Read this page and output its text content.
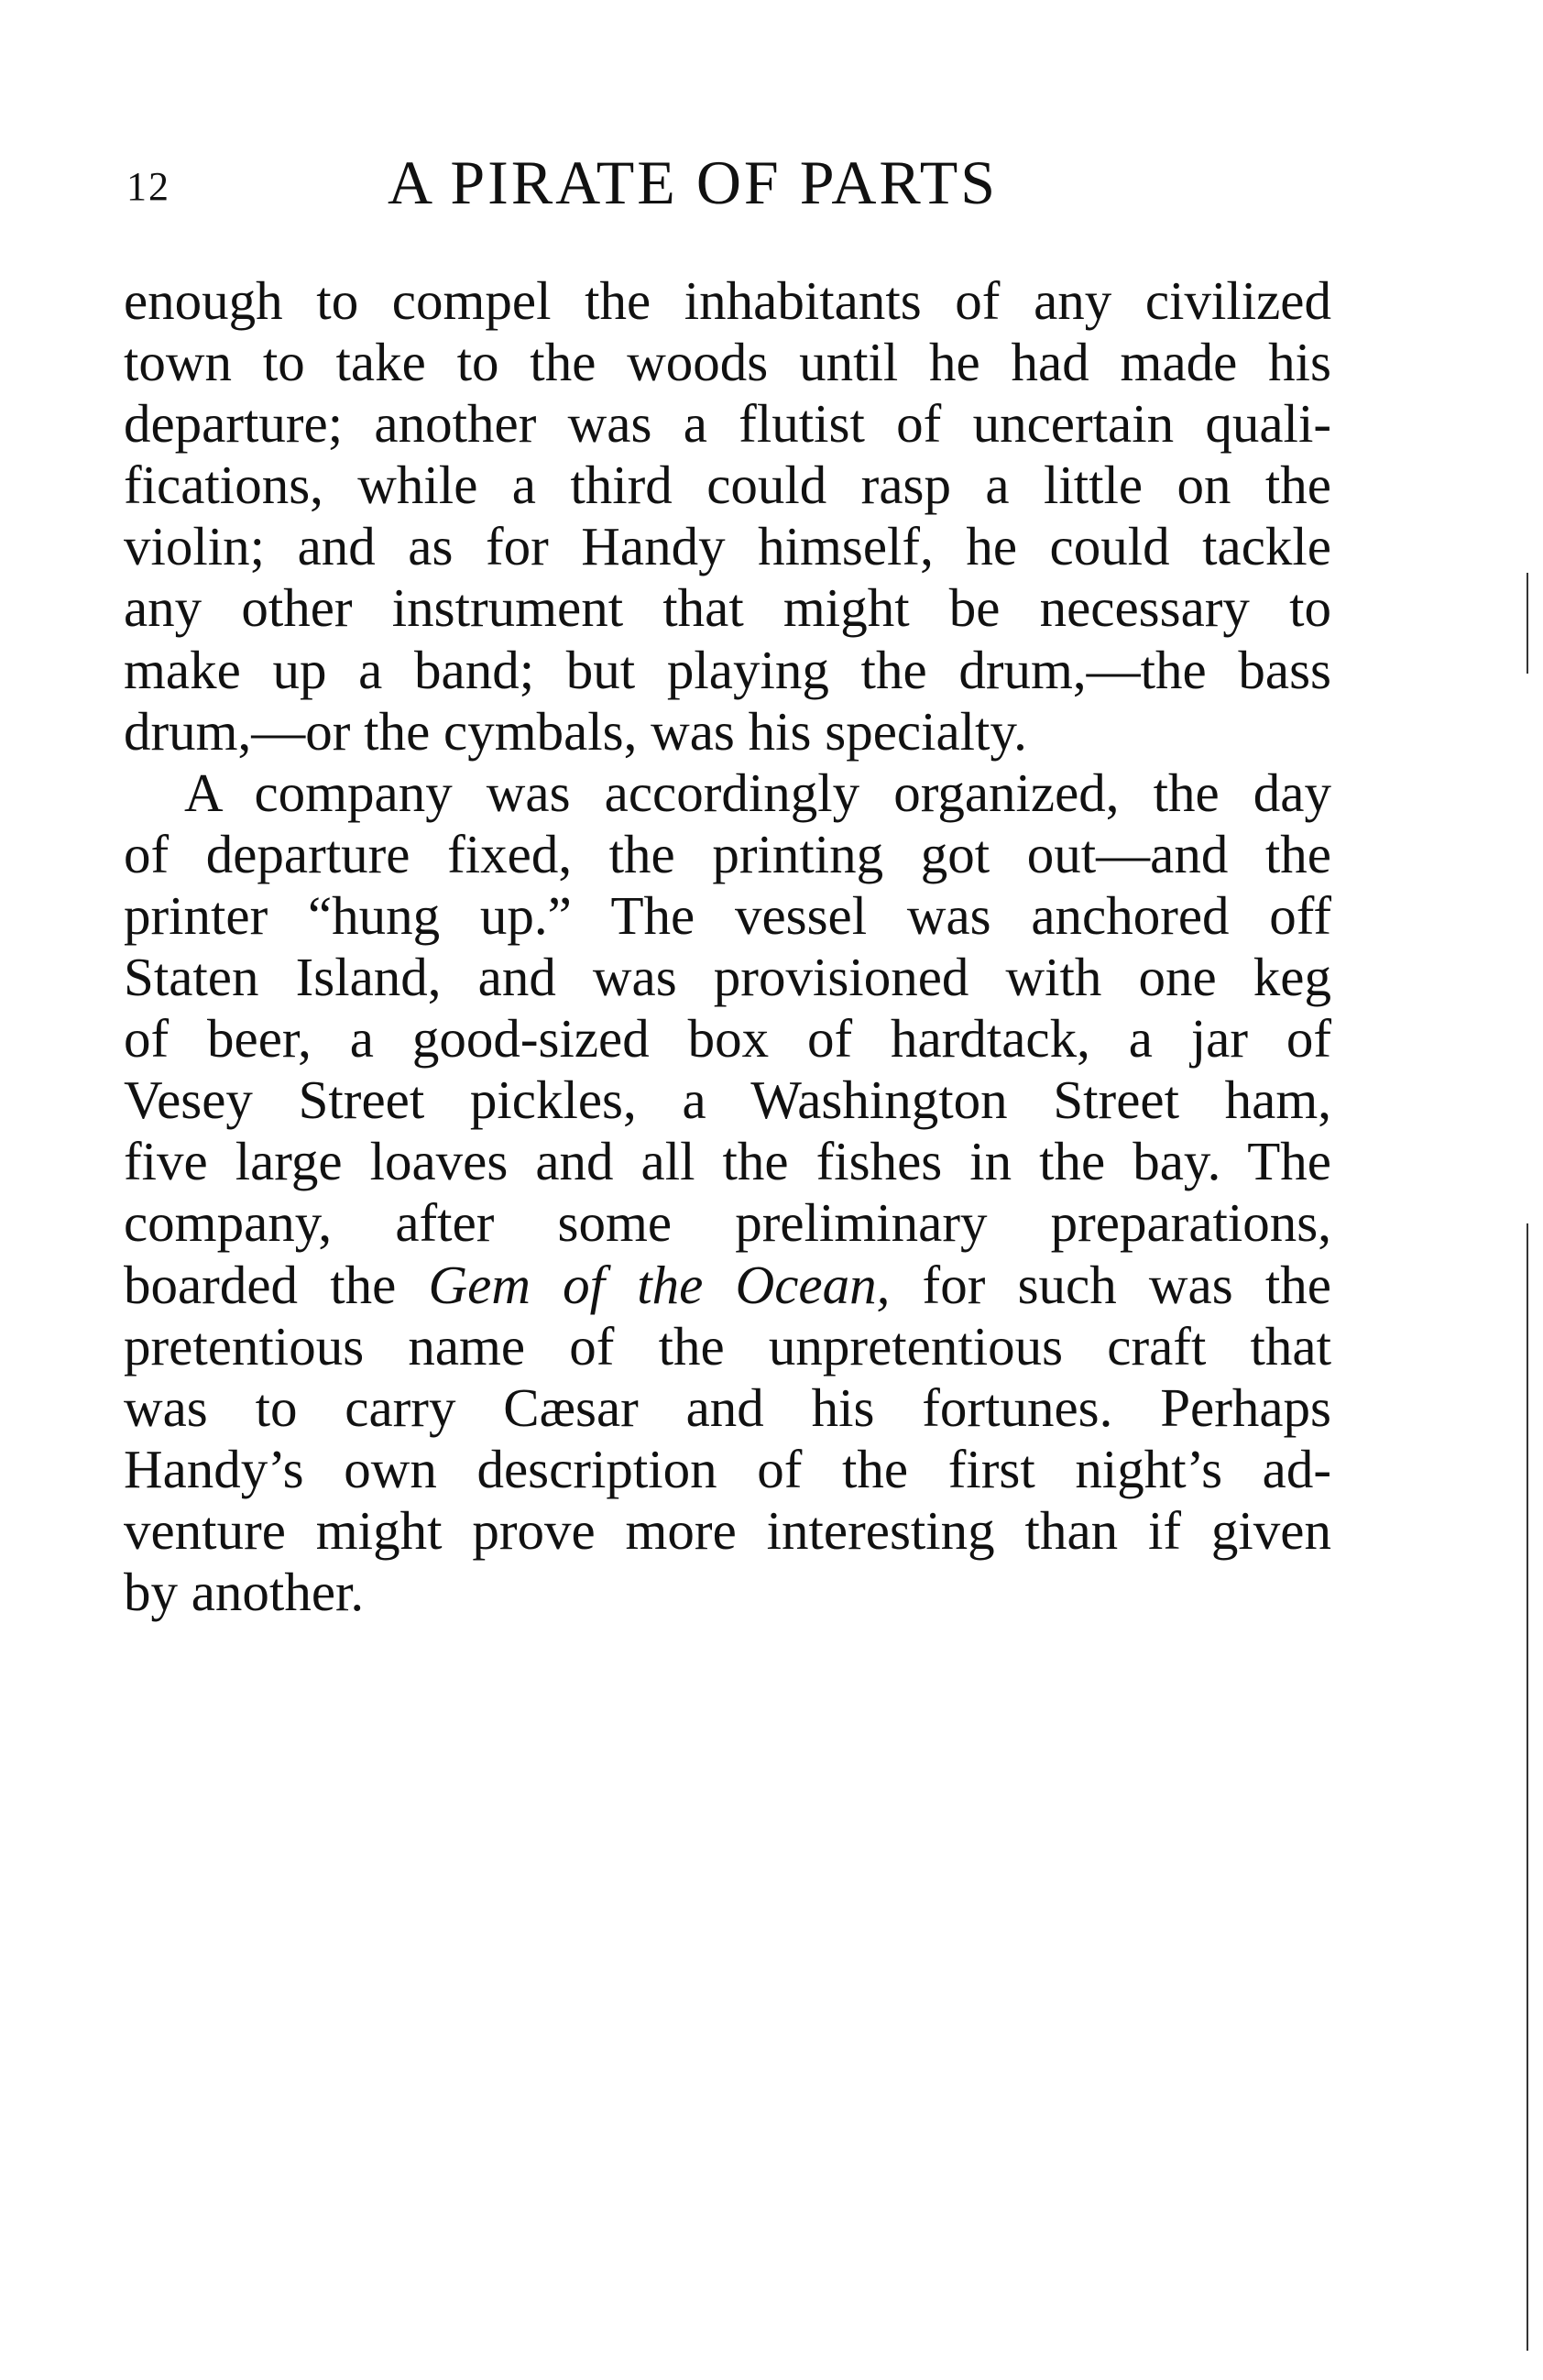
12	A PIRATE OF PARTS
enough to compel the inhabitants of any civilized
town to take to the woods until he had made his
departure; another was a flutist of uncertain quali-
fications, while a third could rasp a little on the
violin; and as for Handy himself, he could tackle
any other instrument that might be necessary to
make up a band; but playing the drum,—the bass
drum,—or the cymbals, was his specialty.
A company was accordingly organized, the day
of departure fixed, the printing got out—and the
printer “hung up.” The vessel was anchored off
Staten Island, and was provisioned with one keg
of beer, a good-sized box of hardtack, a jar of
Vesey Street pickles, a Washington Street ham,
five large loaves and all the fishes in the bay. The
company, after some preliminary preparations,
boarded the Gem of the Ocean, for such was the
pretentious name of the unpretentious craft that
was to carry Cæsar and his fortunes. Perhaps
Handy’s own description of the first night’s ad-
venture might prove more interesting than if given
by another.
